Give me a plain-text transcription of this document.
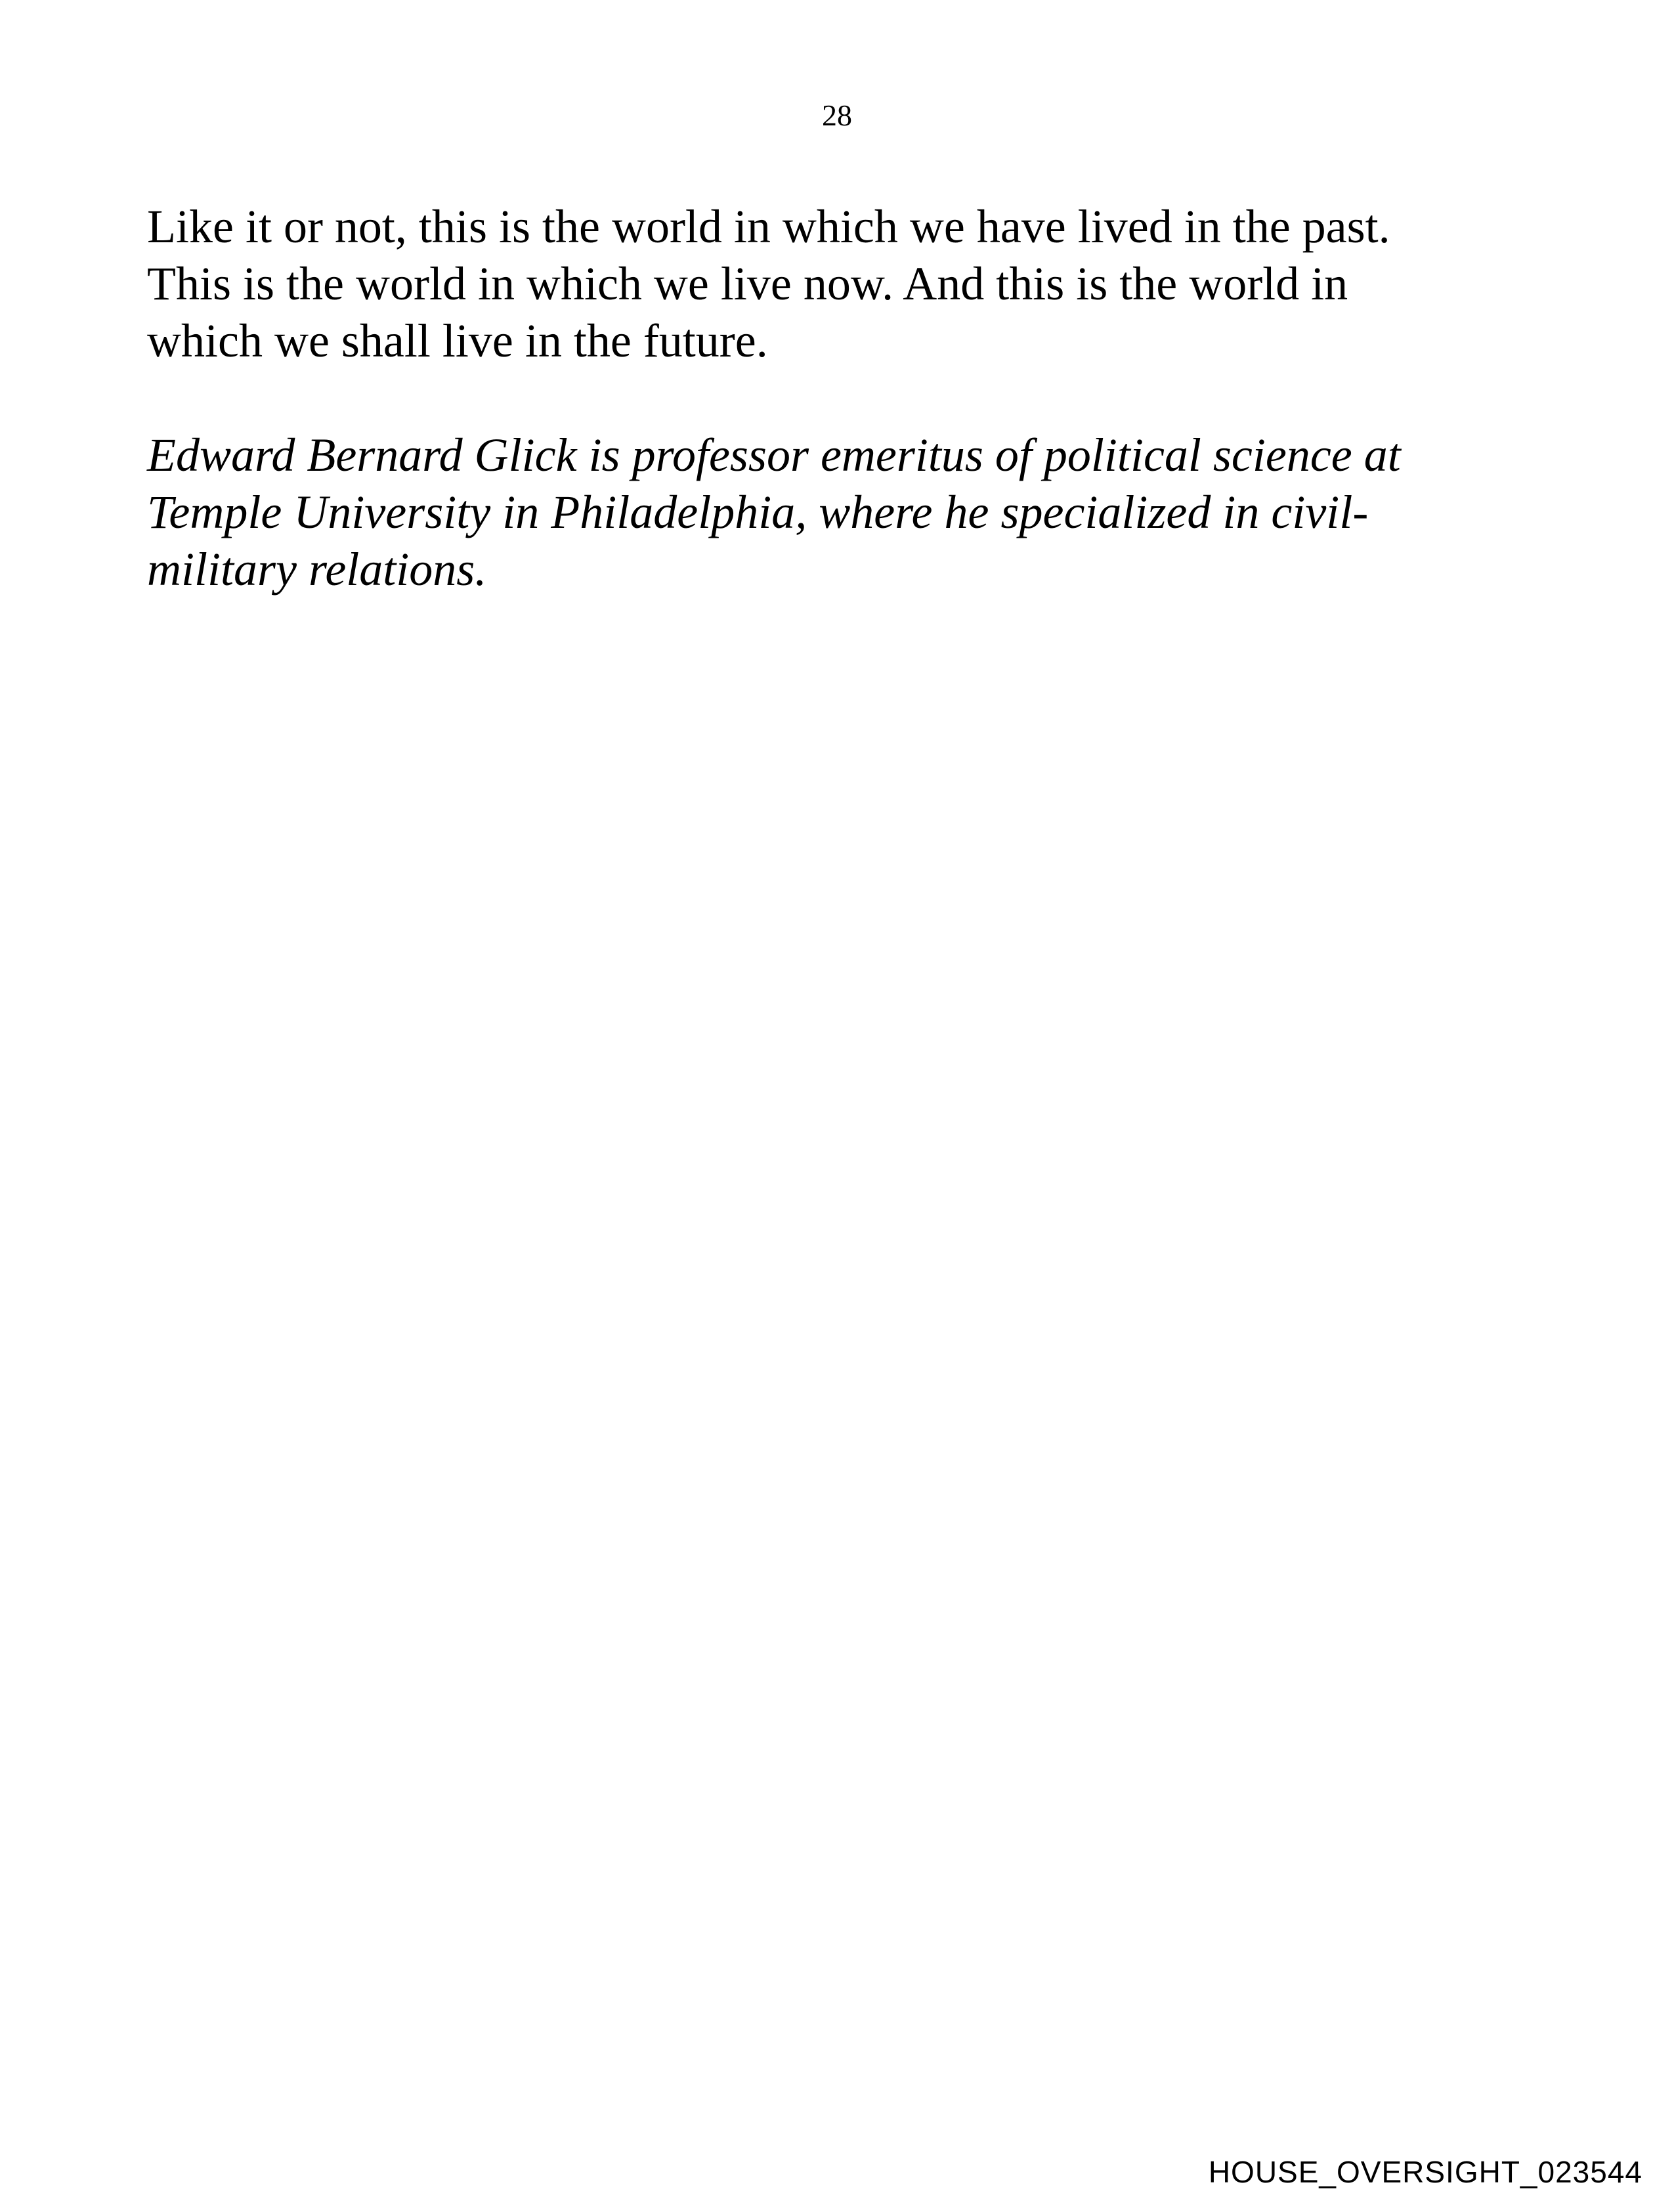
28

Like it or not, this is the world in which we have lived in the past.
This is the world in which we live now. And this is the world in
which we shall live in the future.

Edward Bernard Glick is professor emeritus of political science at
Temple University in Philadelphia, where he specialized in civil-
military relations.

HOUSE_OVERSIGHT_023544
